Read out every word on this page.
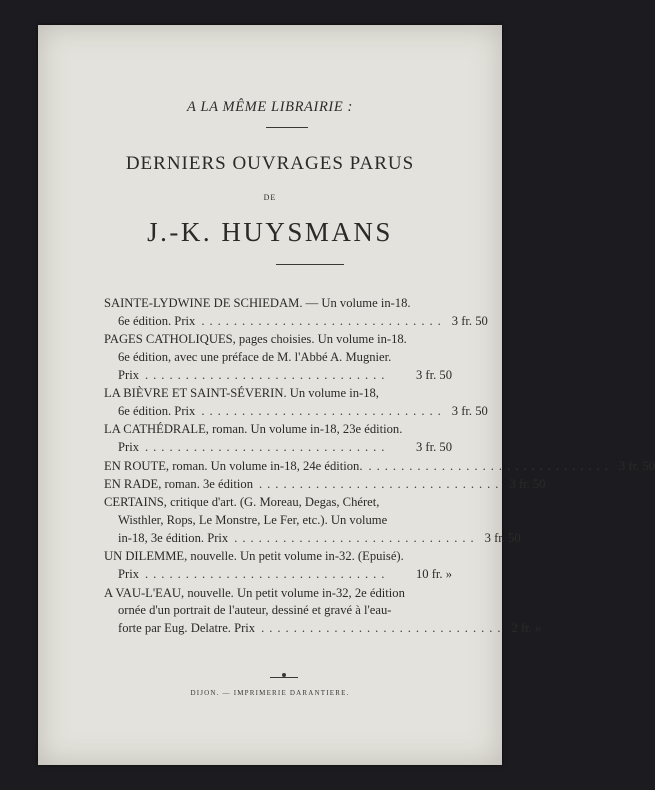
A LA MÊME LIBRAIRIE :
DERNIERS OUVRAGES PARUS
DE
J.-K. HUYSMANS
SAINTE-LYDWINE DE SCHIEDAM. — Un volume in-18.
6e édition. Prix .............................. 3 fr. 50
PAGES CATHOLIQUES, pages choisies. Un volume in-18.
6e édition, avec une préface de M. l'Abbé A. Mugnier.
Prix ..............................	3 fr. 50
LA BIÈVRE ET SAINT-SÉVERIN. Un volume in-18,
6e édition. Prix .............................. 3 fr. 50
LA CATHÉDRALE, roman. Un volume in-18, 23e édition.
Prix ..............................	3 fr. 50
EN ROUTE, roman. Un volume in-18, 24e édition. .............................. 3 fr. 50
EN RADE, roman. 3e édition .............................. 3 fr. 50
CERTAINS, critique d'art. (G. Moreau, Degas, Chéret,
Wisthler, Rops, Le Monstre, Le Fer, etc.). Un volume
in-18, 3e édition. Prix .............................. 3 fr. 50
UN DILEMME, nouvelle. Un petit volume in-32. (Epuisé).
Prix ..............................	10 fr. »
A VAU-L'EAU, nouvelle. Un petit volume in-32, 2e édition
ornée d'un portrait de l'auteur, dessiné et gravé à l'eau-
forte par Eug. Delatre. Prix .............................. 2 fr. »
DIJON. — IMPRIMERIE DARANTIERE.
